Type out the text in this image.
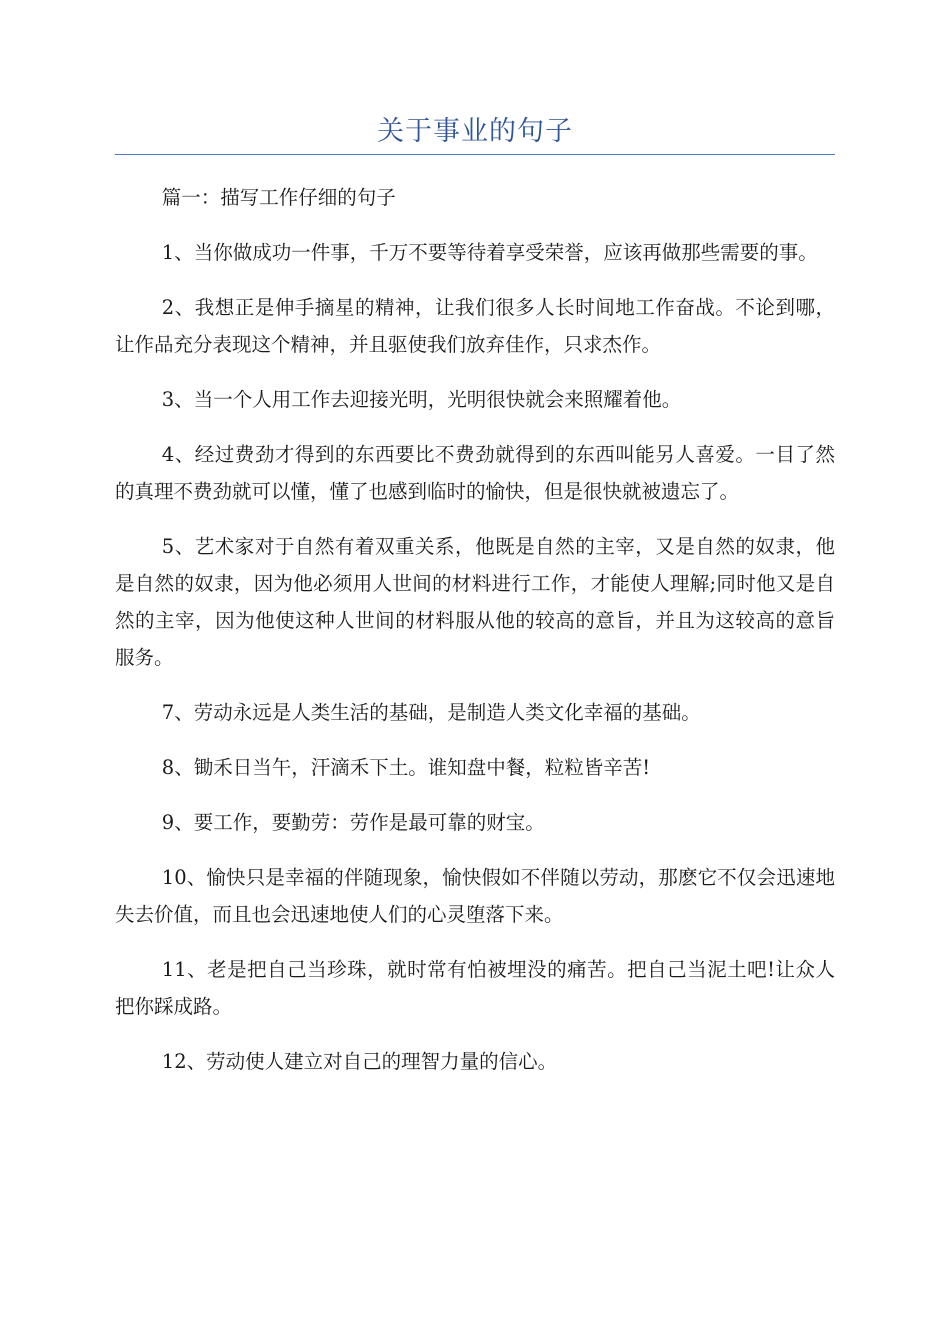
关于事业的句子

篇一：描写工作仔细的句子

1、当你做成功一件事，千万不要等待着享受荣誉，应该再做那些需要的事。

2、我想正是伸手摘星的精神，让我们很多人长时间地工作奋战。不论到哪，让作品充分表现这个精神，并且驱使我们放弃佳作，只求杰作。

3、当一个人用工作去迎接光明，光明很快就会来照耀着他。

4、经过费劲才得到的东西要比不费劲就得到的东西叫能另人喜爱。一目了然的真理不费劲就可以懂，懂了也感到临时的愉快，但是很快就被遗忘了。

5、艺术家对于自然有着双重关系，他既是自然的主宰，又是自然的奴隶，他是自然的奴隶，因为他必须用人世间的材料进行工作，才能使人理解;同时他又是自然的主宰，因为他使这种人世间的材料服从他的较高的意旨，并且为这较高的意旨服务。

7、劳动永远是人类生活的基础，是制造人类文化幸福的基础。

8、锄禾日当午，汗滴禾下土。谁知盘中餐，粒粒皆辛苦!

9、要工作，要勤劳：劳作是最可靠的财宝。

10、愉快只是幸福的伴随现象，愉快假如不伴随以劳动，那麽它不仅会迅速地失去价值，而且也会迅速地使人们的心灵堕落下来。

11、老是把自己当珍珠，就时常有怕被埋没的痛苦。把自己当泥土吧!让众人把你踩成路。

12、劳动使人建立对自己的理智力量的信心。
